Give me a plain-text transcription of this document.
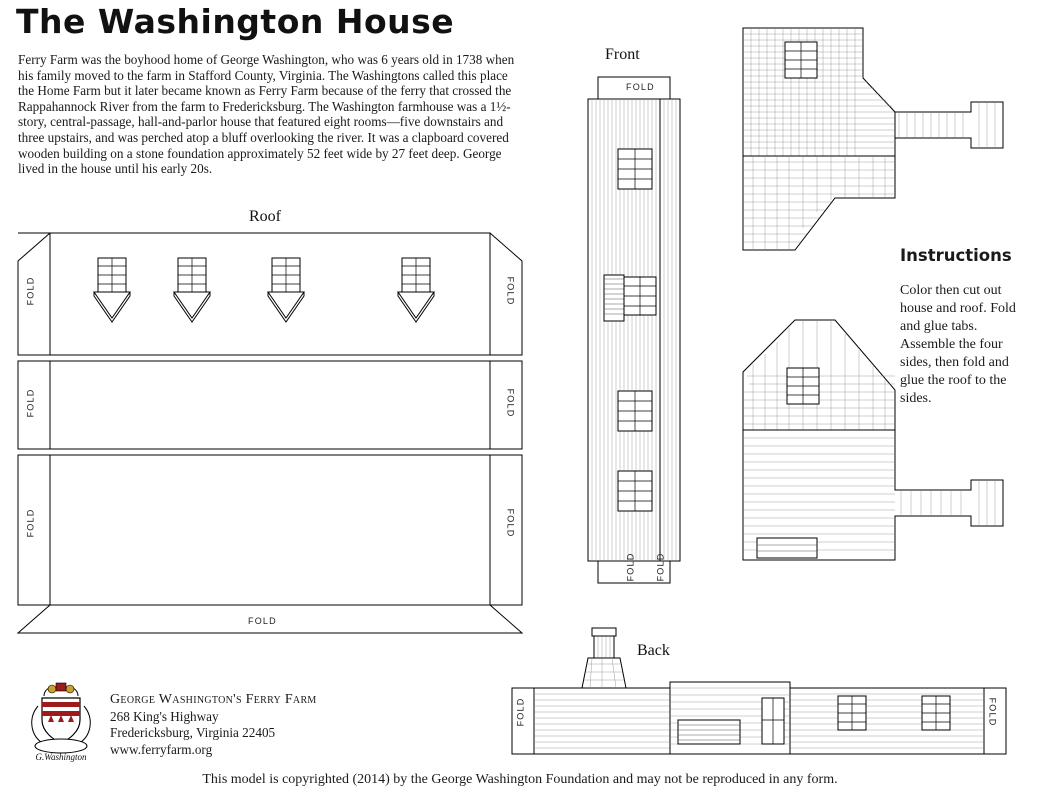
The Washington House
Ferry Farm was the boyhood home of George Washington, who was 6 years old in 1738 when his family moved to the farm in Stafford County, Virginia. The Washingtons called this place the Home Farm but it later became known as Ferry Farm because of the ferry that crossed the Rappahannock River from the farm to Fredericksburg. The Washington farmhouse was a 1½-story, central-passage, hall-and-parlor house that featured eight rooms—five downstairs and three upstairs, and was perched atop a bluff overlooking the river. It was a clapboard covered wooden building on a stone foundation approximately 52 feet wide by 27 feet deep. George lived in the house until his early 20s.
Roof
FOLD
FOLD
FOLD
FOLD
FOLD
FOLD
FOLD
Front
FOLD
FOLD FOLD
Instructions
Color then cut out house and roof. Fold and glue tabs. Assemble the four sides, then fold and glue the roof to the sides.
Back
FOLD	FOLD
G.Washington
George Washington's Ferry Farm
268 King's Highway
Fredericksburg, Virginia 22405
www.ferryfarm.org
This model is copyrighted (2014) by the George Washington Foundation and may not be reproduced in any form.
